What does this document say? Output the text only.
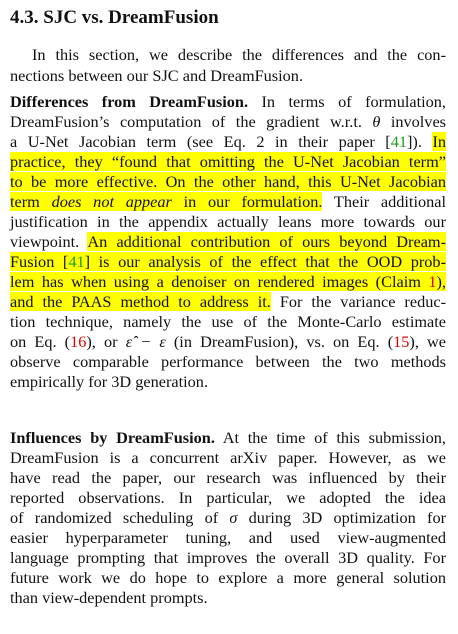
4.3. SJC vs. DreamFusion
In this section, we describe the differences and the con-
nections between our SJC and DreamFusion.
Differences from DreamFusion. In terms of formulation,
DreamFusion’s computation of the gradient w.r.t. θ involves
a U-Net Jacobian term (see Eq. 2 in their paper [41]). In
practice, they “found that omitting the U-Net Jacobian term”
to be more effective. On the other hand, this U-Net Jacobian
term does not appear in our formulation. Their additional
justification in the appendix actually leans more towards our
viewpoint. An additional contribution of ours beyond Dream-
Fusion [41] is our analysis of the effect that the OOD prob-
lem has when using a denoiser on rendered images (Claim 1),
and the PAAS method to address it. For the variance reduc-
tion technique, namely the use of the Monte-Carlo estimate
on Eq. (16), or ε̂ − ε (in DreamFusion), vs. on Eq. (15), we
observe comparable performance between the two methods
empirically for 3D generation.
Influences by DreamFusion. At the time of this submission,
DreamFusion is a concurrent arXiv paper. However, as we
have read the paper, our research was influenced by their
reported observations. In particular, we adopted the idea
of randomized scheduling of σ during 3D optimization for
easier hyperparameter tuning, and used view-augmented
language prompting that improves the overall 3D quality. For
future work we do hope to explore a more general solution
than view-dependent prompts.
